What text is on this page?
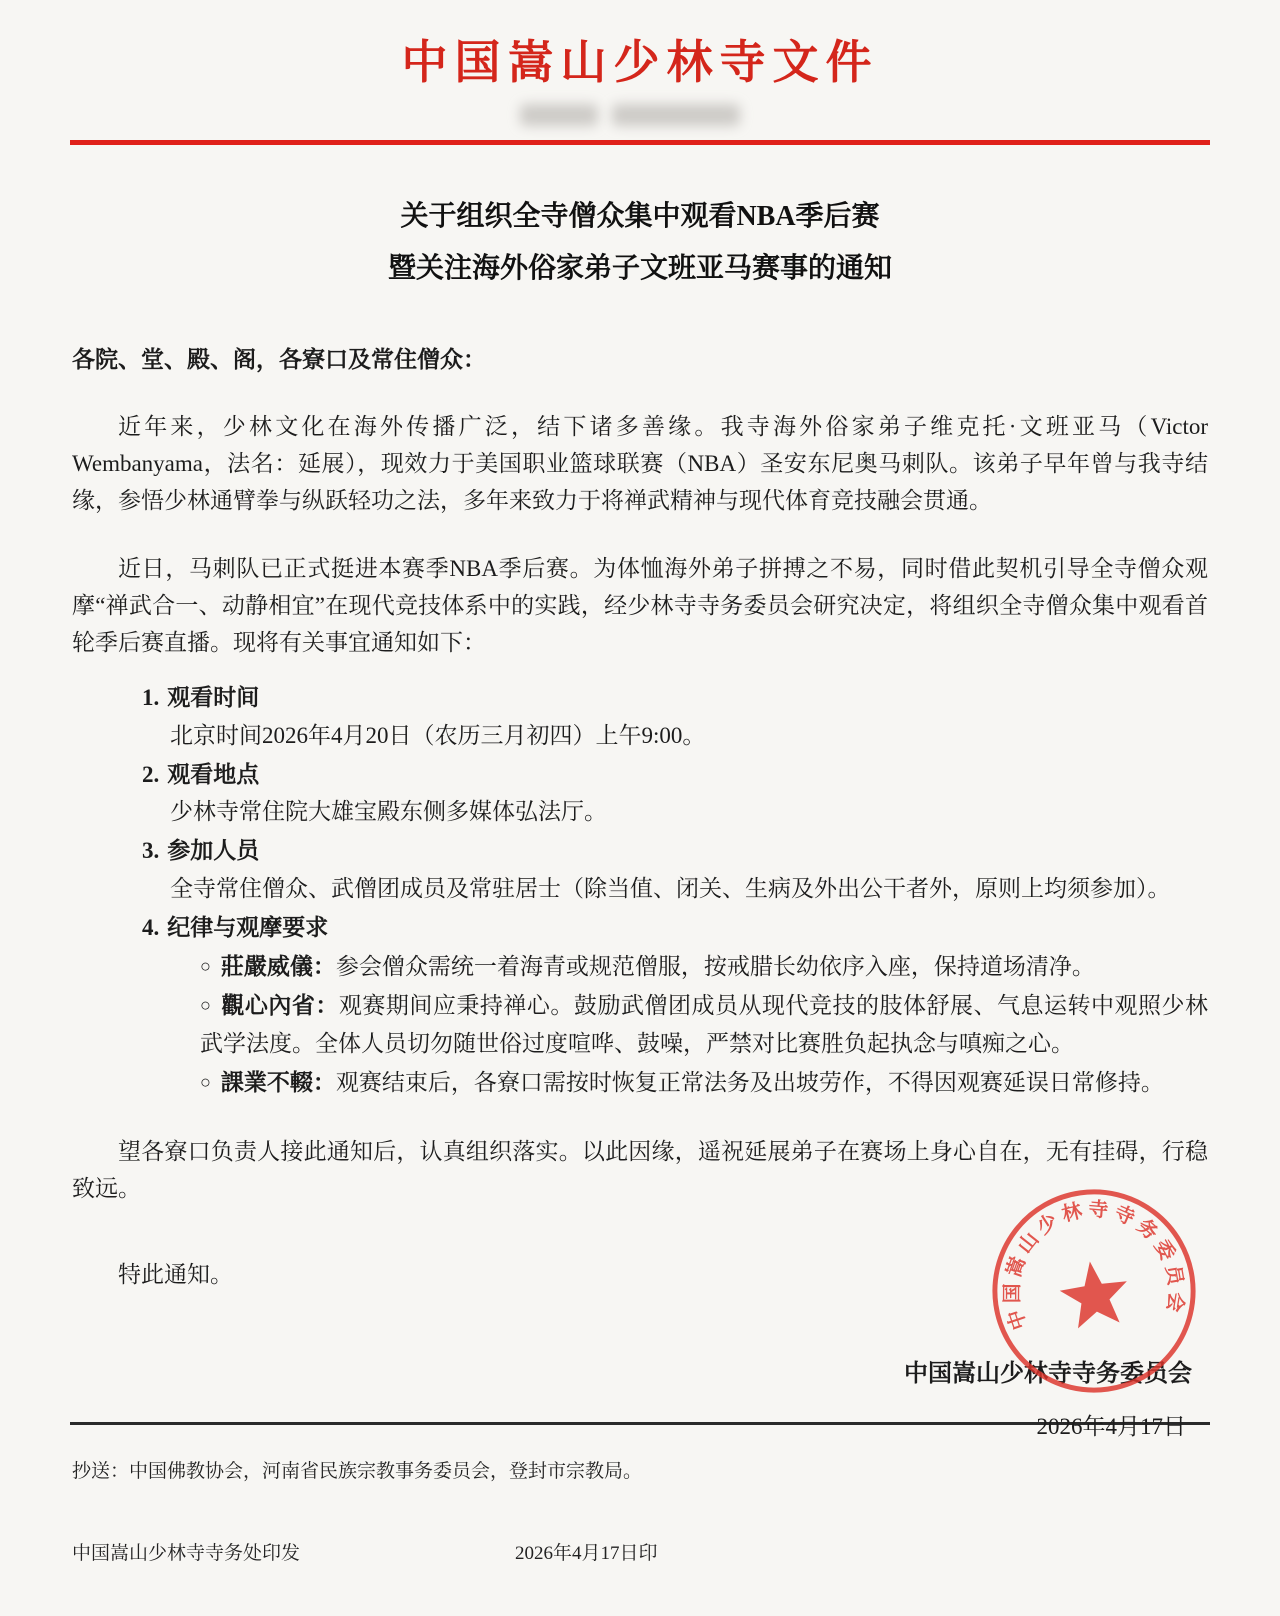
中国嵩山少林寺文件
关于组织全寺僧众集中观看NBA季后赛
暨关注海外俗家弟子文班亚马赛事的通知
各院、堂、殿、阁，各寮口及常住僧众：
近年来，少林文化在海外传播广泛，结下诸多善缘。我寺海外俗家弟子维克托·文班亚马（Victor Wembanyama，法名：延展），现效力于美国职业篮球联赛（NBA）圣安东尼奥马刺队。该弟子早年曾与我寺结缘，参悟少林通臂拳与纵跃轻功之法，多年来致力于将禅武精神与现代体育竞技融会贯通。
近日，马刺队已正式挺进本赛季NBA季后赛。为体恤海外弟子拼搏之不易，同时借此契机引导全寺僧众观摩“禅武合一、动静相宜”在现代竞技体系中的实践，经少林寺寺务委员会研究决定，将组织全寺僧众集中观看首轮季后赛直播。现将有关事宜通知如下：
1. 观看时间
北京时间2026年4月20日（农历三月初四）上午9:00。
2. 观看地点
少林寺常住院大雄宝殿东侧多媒体弘法厅。
3. 参加人员
全寺常住僧众、武僧团成员及常驻居士（除当值、闭关、生病及外出公干者外，原则上均须参加）。
4. 纪律与观摩要求
○ 莊嚴威儀：参会僧众需统一着海青或规范僧服，按戒腊长幼依序入座，保持道场清净。
○ 觀心內省：观赛期间应秉持禅心。鼓励武僧团成员从现代竞技的肢体舒展、气息运转中观照少林武学法度。全体人员切勿随世俗过度喧哗、鼓噪，严禁对比赛胜负起执念与嗔痴之心。
○ 課業不輟：观赛结束后，各寮口需按时恢复正常法务及出坡劳作，不得因观赛延误日常修持。
望各寮口负责人接此通知后，认真组织落实。以此因缘，遥祝延展弟子在赛场上身心自在，无有挂碍，行稳致远。
特此通知。
中国嵩山少林寺寺务委员会
2026年4月17日
中国嵩山少林寺寺务委员会
抄送：中国佛教协会，河南省民族宗教事务委员会，登封市宗教局。
中国嵩山少林寺寺务处印发	2026年4月17日印
